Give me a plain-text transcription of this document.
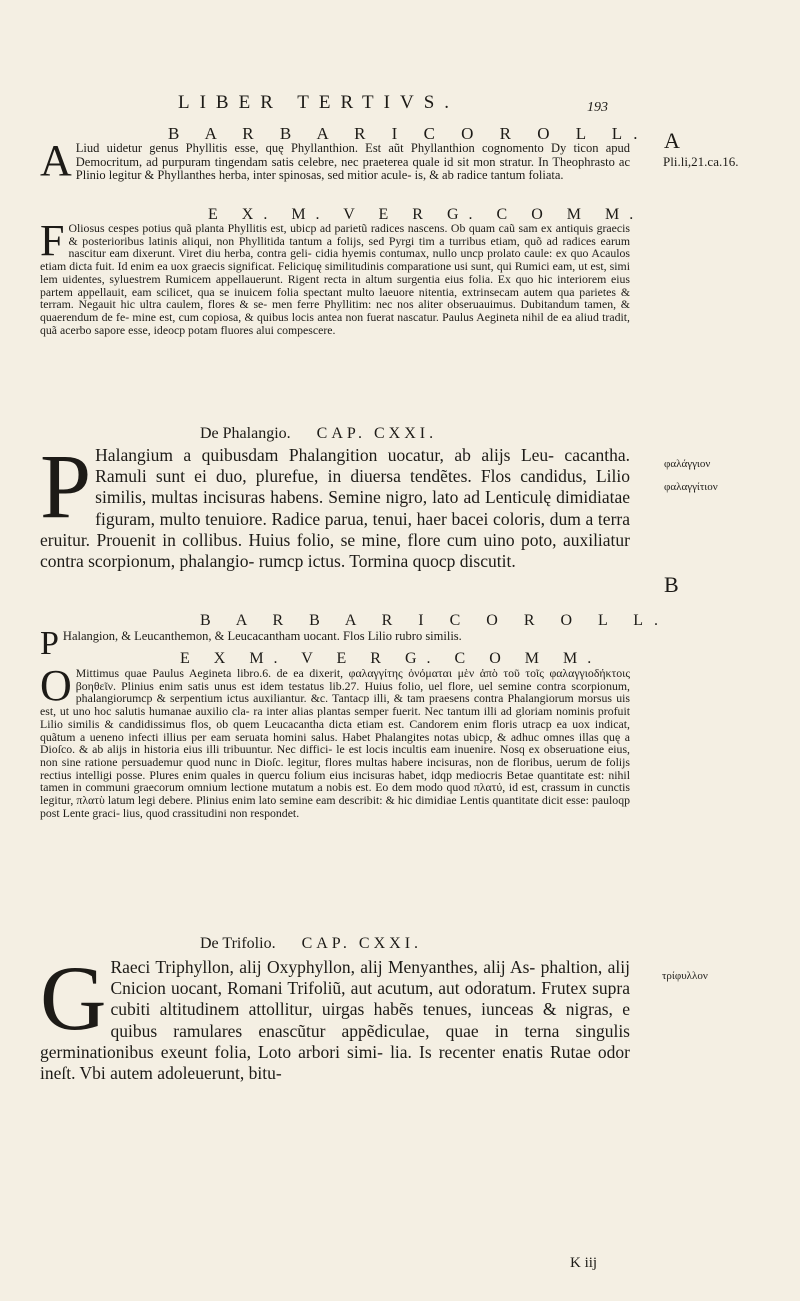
LIBER TERTIVS.	193
A
Pli.li,21.ca.16.
φαλάγγιον
φαλαγγίτιον
B
τρίφυλλον
B A R B A R I C O R O L L.
A Liud uidetur genus Phyllitis esse, quę Phyllanthion. Est aũt Phyllanthion cognomento Dy ticon apud Democritum, ad purpuram tingendam satis celebre, nec praeterea quale id sit mon stratur. In Theophrasto ac Plinio legitur & Phyllanthes herba, inter spinosas, sed mitior acule- is, & ab radice tantum foliata.
E X. M. V E R G. C O M M.
F Oliosus cespes potius quã planta Phyllitis est, ubicp ad parietũ radices nascens. Ob quam caũ sam ex antiquis graecis & posterioribus latinis aliqui, non Phyllitida tantum a folijs, sed Pyrgi tim a turribus etiam, quõ ad radices earum nascitur eam dixerunt. Viret diu herba, contra geli- cidia hyemis contumax, nullo uncp prolato caule: ex quo Acaulos etiam dicta fuit. Id enim ea uox graecis significat. Feliciquę similitudinis comparatione usi sunt, qui Rumici eam, ut est, simi lem uidentes, syluestrem Rumicem appellauerunt. Rigent recta in altum surgentia eius folia. Ex quo hic interiorem eius partem appellauit, eam scilicet, qua se inuicem folia spectant multo laeuore nitentia, extrinsecam autem qua parietes & terram. Negauit hic ultra caulem, flores & se- men ferre Phyllitim: nec nos aliter obseruauimus. Dubitandum tamen, & quaerendum de fe- mine est, cum copiosa, & quibus locis antea non fuerat nascatur. Paulus Aegineta nihil de ea aliud tradit, quã acerbo sapore esse, ideocp potam fluores alui compescere.
De Phalangio. CAP. CXXI.
P Halangium a quibusdam Phalangition uocatur, ab alijs Leu- cacantha. Ramuli sunt ei duo, plurefue, in diuersa tendẽtes. Flos candidus, Lilio similis, multas incisuras habens. Semine nigro, lato ad Lenticulę dimidiatae figuram, multo tenuiore. Radice parua, tenui, haer bacei coloris, dum a terra eruitur. Prouenit in collibus. Huius folio, se mine, flore cum uino poto, auxiliatur contra scorpionum, phalangio- rumcp ictus. Tormina quocp discutit.
B A R B A R I C O R O L L.
P Halangion, & Leucanthemon, & Leucacantham uocant. Flos Lilio rubro similis.
E X M. V E R G. C O M M.
O Mittimus quae Paulus Aegineta libro.6. de ea dixerit, φαλαγγίτης ὀνόμαται μὲν ἀπὸ τοῦ τοῖς φαλαγγιοδήκτοις βοηθεῖν. Plinius enim satis unus est idem testatus lib.27. Huius folio, uel flore, uel semine contra scorpionum, phalangiorumcp & serpentium ictus auxiliantur. &c. Tantacp illi, & tam praesens contra Phalangiorum morsus uis est, ut uno hoc salutis humanae auxilio cla- ra inter alias plantas semper fuerit. Nec tantum illi ad gloriam nominis profuit Lilio similis & candidissimus flos, ob quem Leucacantha dicta etiam est. Candorem enim floris utracp ea uox indicat, quãtum a ueneno infecti illius per eam seruata homini salus. Habet Phalangites notas ubicp, & adhuc omnes illas quę a Dioſco. & ab alijs in historia eius illi tribuuntur. Nec diffici- le est locis incultis eam inuenire. Nosq ex obseruatione eius, non sine ratione persuademur quod nunc in Dioſc. legitur, flores multas habere incisuras, non de floribus, uerum de folijs rectius intelligi posse. Plures enim quales in quercu folium eius incisuras habet, idqp mediocris Betae quantitate est: nihil tamen in communi graecorum omnium lectione mutatum a nobis est. Eo dem modo quod πλατύ, id est, crassum in cunctis legitur, πλατὺ latum legi debere. Plinius enim lato semine eam describit: & hic dimidiae Lentis quantitate dicit esse: pauloqp post Lente graci- lius, quod crassitudini non respondet.
De Trifolio. CAP. CXXI.
G Raeci Triphyllon, alij Oxyphyllon, alij Menyanthes, alij As- phaltion, alij Cnicion uocant, Romani Trifoliũ, aut acutum, aut odoratum. Frutex supra cubiti altitudinem attollitur, uirgas habẽs tenues, iunceas & nigras, e quibus ramulares enascũtur appẽdiculae, quae in terna singulis germinationibus exeunt folia, Loto arbori simi- lia. Is recenter enatis Rutae odor ineſt. Vbi autem adoleuerunt, bitu-
K iij
